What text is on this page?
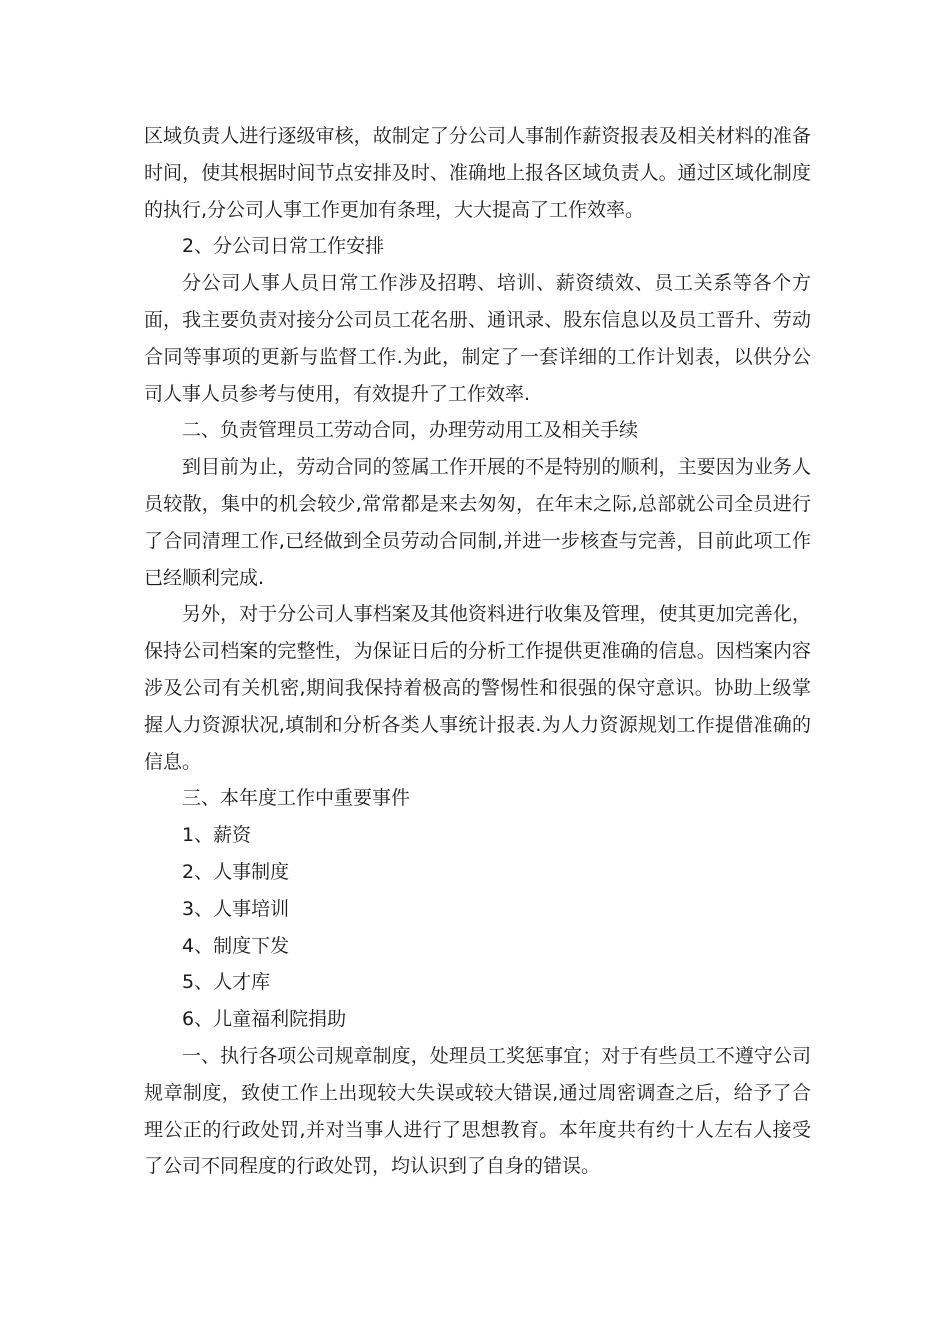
区域负责人进行逐级审核，故制定了分公司人事制作薪资报表及相关材料的准备时间，使其根据时间节点安排及时、准确地上报各区域负责人。通过区域化制度的执行,分公司人事工作更加有条理，大大提高了工作效率。

2、分公司日常工作安排

分公司人事人员日常工作涉及招聘、培训、薪资绩效、员工关系等各个方面，我主要负责对接分公司员工花名册、通讯录、股东信息以及员工晋升、劳动合同等事项的更新与监督工作.为此，制定了一套详细的工作计划表，以供分公司人事人员参考与使用，有效提升了工作效率.

二、负责管理员工劳动合同，办理劳动用工及相关手续

到目前为止，劳动合同的签属工作开展的不是特别的顺利，主要因为业务人员较散，集中的机会较少,常常都是来去匆匆，在年末之际,总部就公司全员进行了合同清理工作,已经做到全员劳动合同制,并进一步核查与完善，目前此项工作已经顺利完成.

另外，对于分公司人事档案及其他资料进行收集及管理，使其更加完善化，保持公司档案的完整性，为保证日后的分析工作提供更准确的信息。因档案内容涉及公司有关机密,期间我保持着极高的警惕性和很强的保守意识。协助上级掌握人力资源状况,填制和分析各类人事统计报表.为人力资源规划工作提借准确的信息。

三、本年度工作中重要事件

1、薪资

2、人事制度

3、人事培训

4、制度下发

5、人才库

6、儿童福利院捐助

一、执行各项公司规章制度，处理员工奖惩事宜；对于有些员工不遵守公司规章制度，致使工作上出现较大失误或较大错误,通过周密调查之后，给予了合理公正的行政处罚,并对当事人进行了思想教育。本年度共有约十人左右人接受了公司不同程度的行政处罚，均认识到了自身的错误。
